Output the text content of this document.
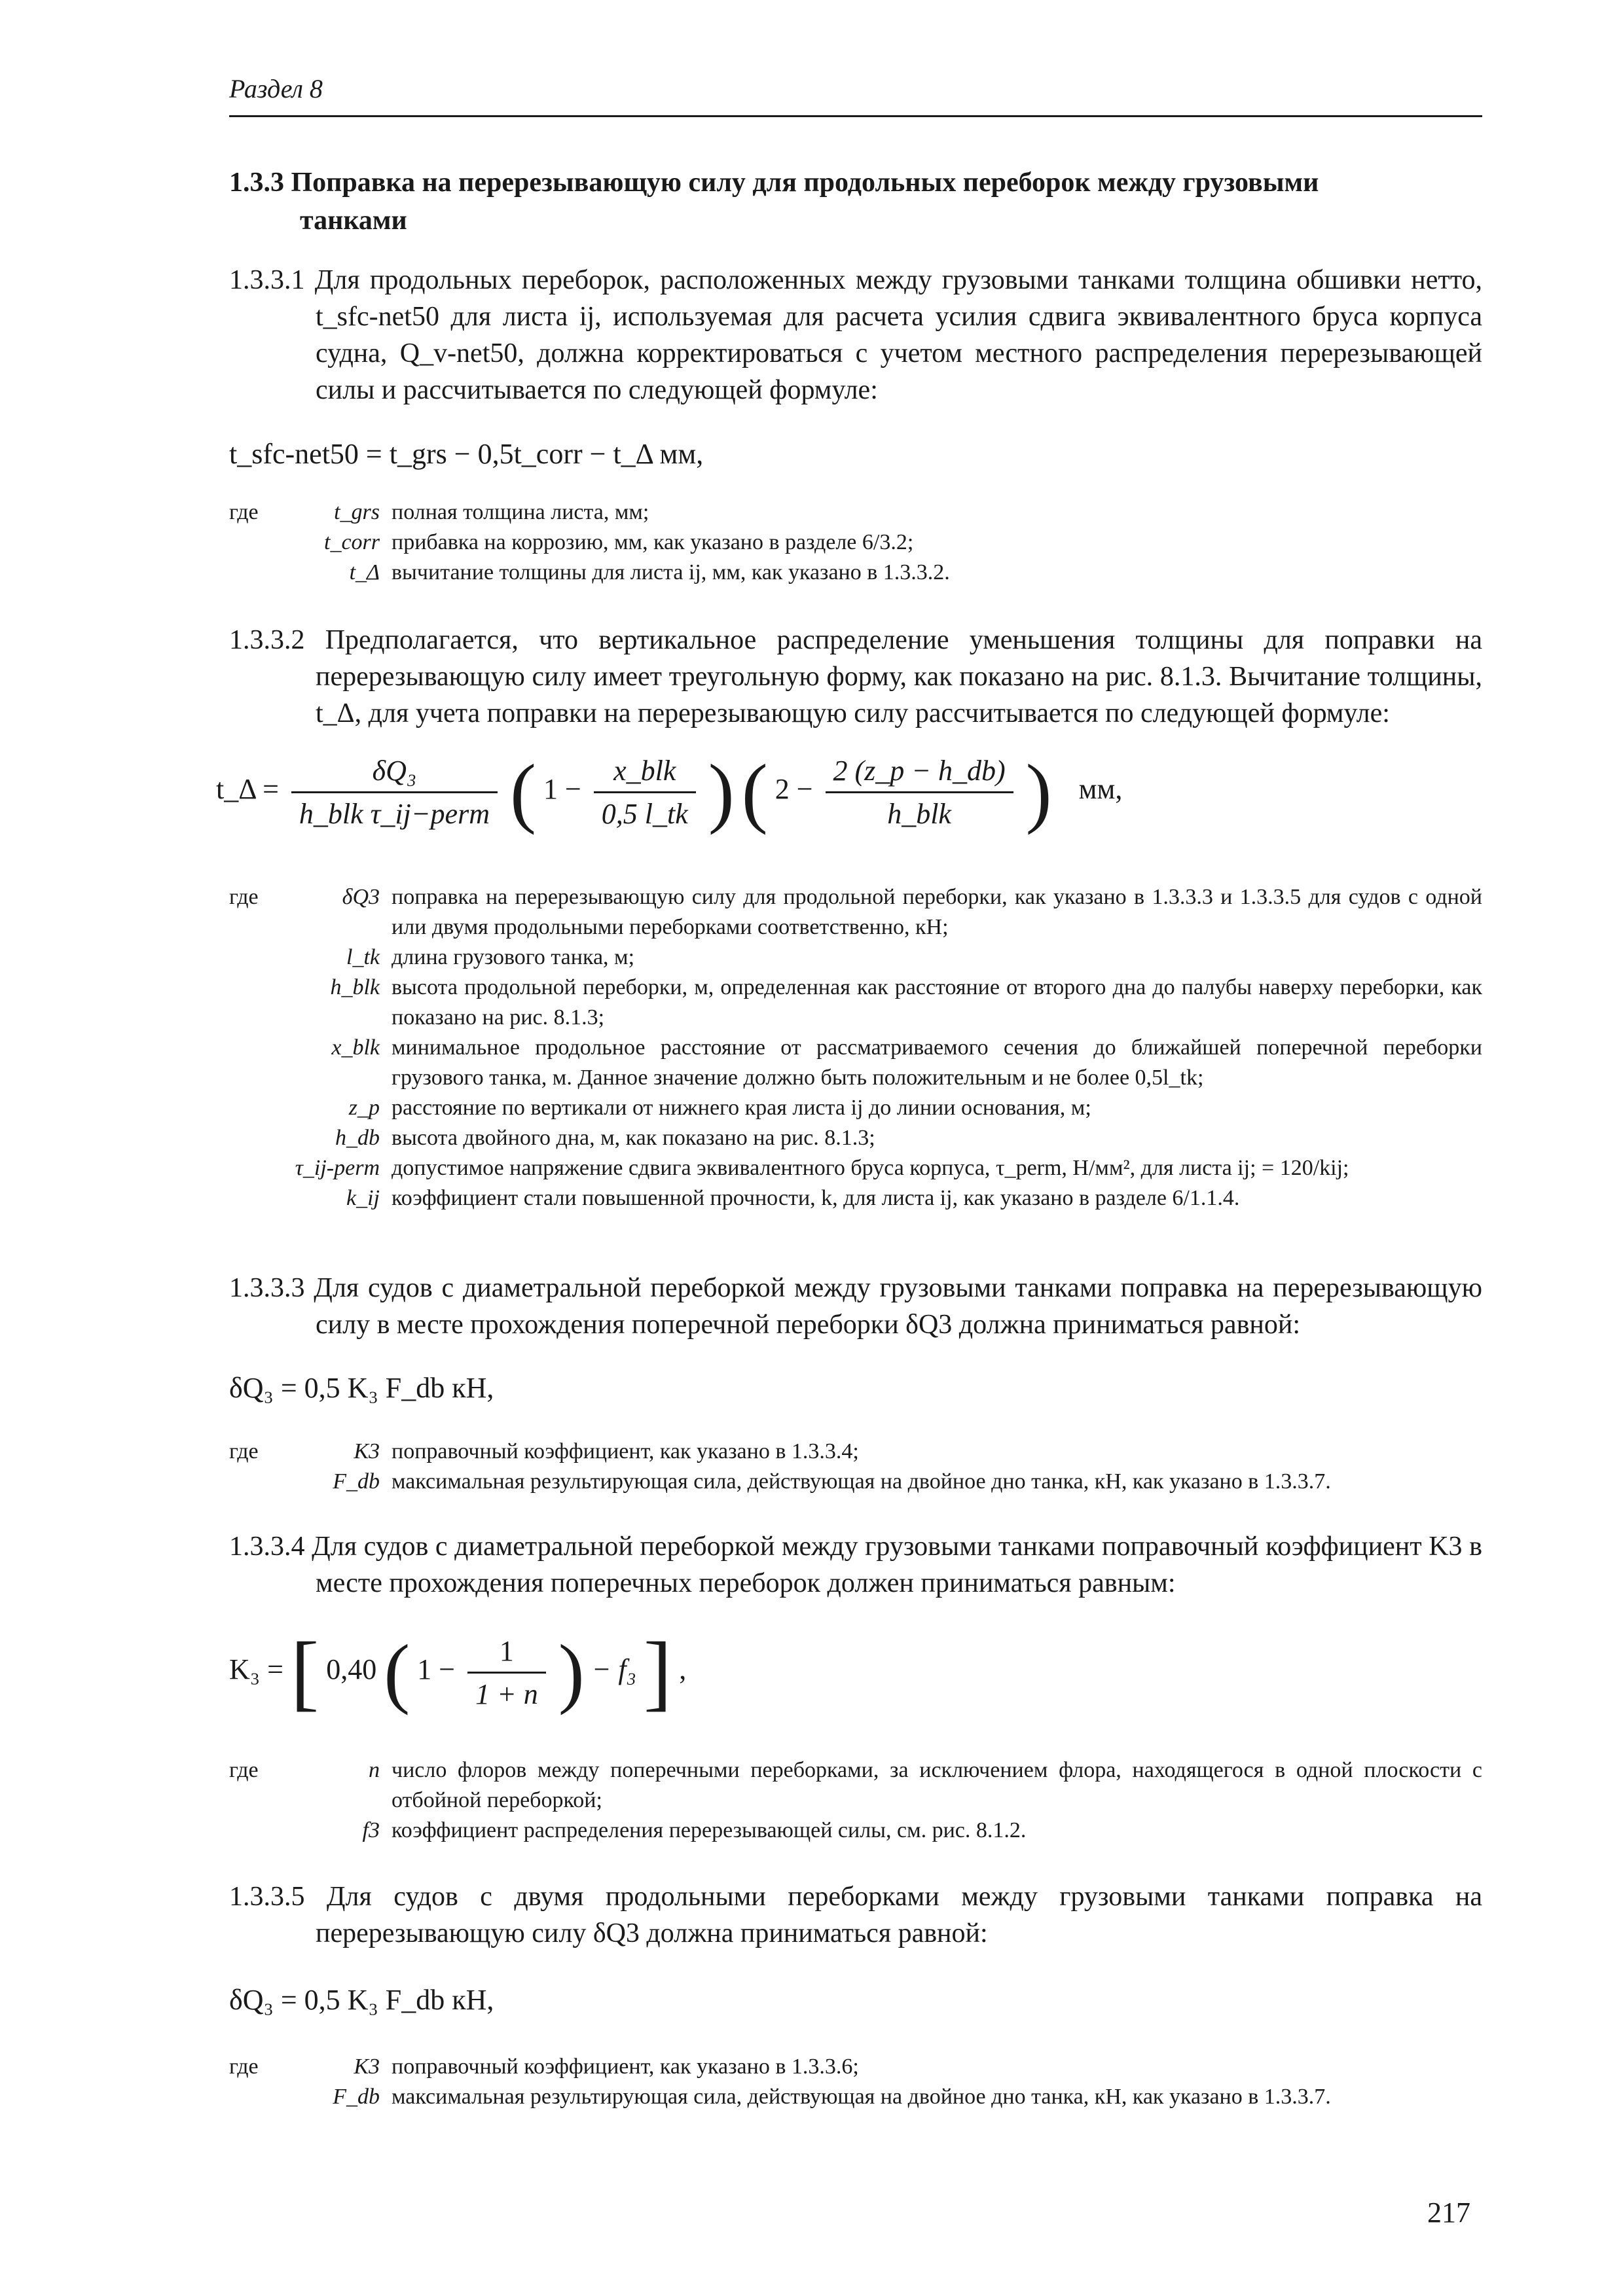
Раздел 8
1.3.3 Поправка на перерезывающую силу для продольных переборок между грузовыми
танками
1.3.3.1 Для продольных переборок, расположенных между грузовыми танками толщина обшивки нетто, t_sfc-net50 для листа ij, используемая для расчета усилия сдвига эквивалентного бруса корпуса судна, Q_v-net50, должна корректироваться с учетом местного распределения перерезывающей силы и рассчитывается по следующей формуле:
t_sfc-net50 = t_grs − 0,5t_corr − t_Δ мм,
где	t_grs полная толщина листа, мм;
t_corr прибавка на коррозию, мм, как указано в разделе 6/3.2;
t_Δ вычитание толщины для листа ij, мм, как указано в 1.3.3.2.
1.3.3.2 Предполагается, что вертикальное распределение уменьшения толщины для поправки на перерезывающую силу имеет треугольную форму, как показано на рис. 8.1.3. Вычитание толщины, t_Δ, для учета поправки на перерезывающую силу рассчитывается по следующей формуле:
t_Δ = $\frac{\text{δQ₃}}{\text{h\_blk τ\_ij−perm}}$ ( $1 - \frac{\text{x\_blk}}{0,5 l\_tk}$ ) ( $2 - \frac{2 (z\_p - h\_db)}{\text{h\_blk}}$ ) мм,
где	δQ3 поправка на перерезывающую силу для продольной переборки, как указано в 1.3.3.3 и 1.3.3.5 для судов с одной или двумя продольными переборками соответственно, кН;
l_tk длина грузового танка, м;
h_blk высота продольной переборки, м, определенная как расстояние от второго дна до палубы наверху переборки, как показано на рис. 8.1.3;
x_blk минимальное продольное расстояние от рассматриваемого сечения до ближайшей поперечной переборки грузового танка, м. Данное значение должно быть положительным и не более 0,5l_tk;
z_p расстояние по вертикали от нижнего края листа ij до линии основания, м;
h_db высота двойного дна, м, как показано на рис. 8.1.3;
τ_ij-perm допустимое напряжение сдвига эквивалентного бруса корпуса, τ_perm, Н/мм², для листа ij; = 120/kij;
k_ij коэффициент стали повышенной прочности, k, для листа ij, как указано в разделе 6/1.1.4.
1.3.3.3 Для судов с диаметральной переборкой между грузовыми танками поправка на перерезывающую силу в месте прохождения поперечной переборки δQ3 должна приниматься равной:
δQ₃ = 0,5 K₃ F_db кН,
где	K3 поправочный коэффициент, как указано в 1.3.3.4;
F_db максимальная результирующая сила, действующая на двойное дно танка, кН, как указано в 1.3.3.7.
1.3.3.4 Для судов с диаметральной переборкой между грузовыми танками поправочный коэффициент K3 в месте прохождения поперечных переборок должен приниматься равным:
K₃ = [ 0,40 ( $1 - \frac{1}{1 + n}$ ) − f₃ ] ,
где	n число флоров между поперечными переборками, за исключением флора, находящегося в одной плоскости с отбойной переборкой;
f3 коэффициент распределения перерезывающей силы, см. рис. 8.1.2.
1.3.3.5 Для судов с двумя продольными переборками между грузовыми танками поправка на перерезывающую силу δQ3 должна приниматься равной:
δQ₃ = 0,5 K₃ F_db кН,
где	K3 поправочный коэффициент, как указано в 1.3.3.6;
F_db максимальная результирующая сила, действующая на двойное дно танка, кН, как указано в 1.3.3.7.
217
